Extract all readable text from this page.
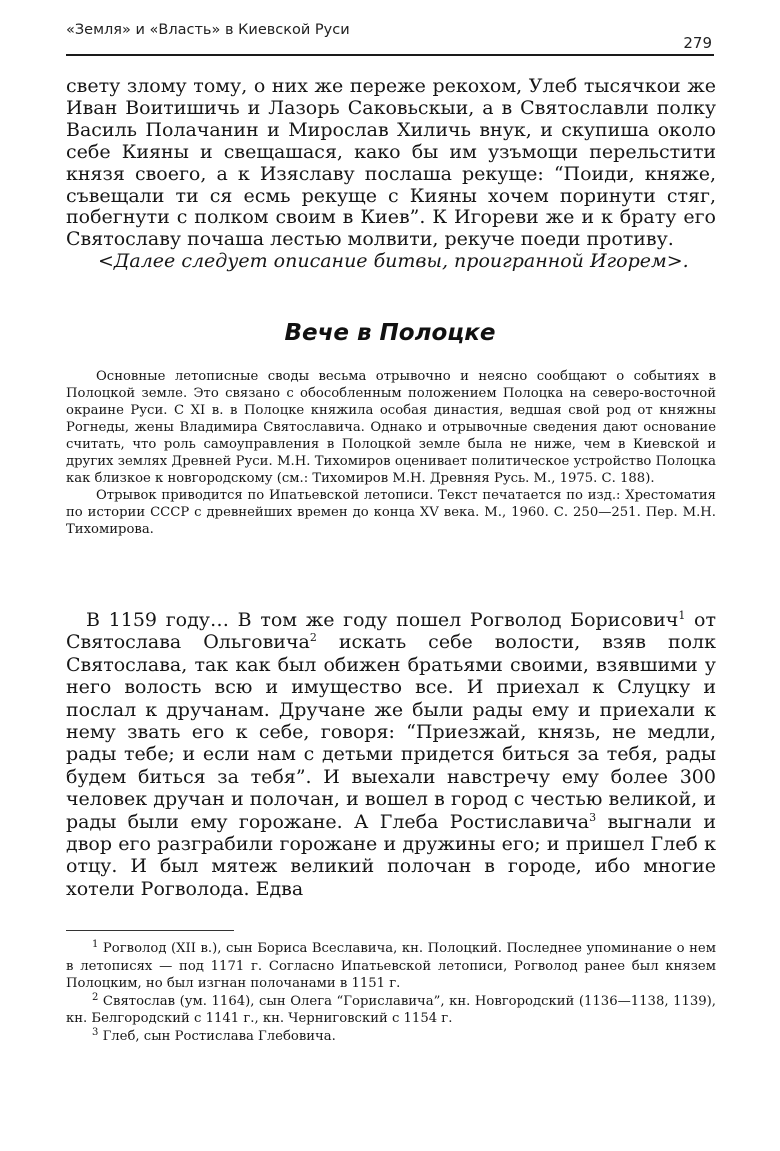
«Земля» и «Власть» в Киевской Руси
279

свету злому тому, о них же переже рекохом, Улеб тысячкои же Иван Воитишичь и Лазорь Саковьскыи, а в Святославли полку Василь Полачанин и Мирослав Хиличь внук, и скупиша около себе Кияны и свещашася, како бы им узъмощи перельстити князя своего, а к Изяславу послаша рекуще: “Поиди, княже, съвещали ти ся есмь рекуще с Кияны хочем поринути стяг, побегнути с полком своим в Киев”. К Игореви же и к брату его Святославу почаша лестью молвити, рекуче поеди противу.

<Далее следует описание битвы, проигранной Игорем>.

Вече в Полоцке

Основные летописные своды весьма отрывочно и неясно сообщают о событиях в Полоцкой земле. Это связано с обособленным положением Полоцка на северо-восточной окраине Руси. С XI в. в Полоцке княжила особая династия, ведшая свой род от княжны Рогнеды, жены Владимира Святославича. Однако и отрывочные сведения дают основание считать, что роль самоуправления в Полоцкой земле была не ниже, чем в Киевской и других землях Древней Руси. М.Н. Тихомиров оценивает политическое устройство Полоцка как близкое к новгородскому (см.: Тихомиров М.Н. Древняя Русь. М., 1975. С. 188).

Отрывок приводится по Ипатьевской летописи. Текст печатается по изд.: Хрестоматия по истории СССР с древнейших времен до конца XV века. М., 1960. С. 250—251. Пер. М.Н. Тихомирова.

В 1159 году… В том же году пошел Рогволод Борисович$^1$ от Святослава Ольговича$^2$ искать себе волости, взяв полк Святослава, так как был обижен братьями своими, взявшими у него волость всю и имущество все. И приехал к Слуцку и послал к дручанам. Дручане же были рады ему и приехали к нему звать его к себе, говоря: “Приезжай, князь, не медли, рады тебе; и если нам с детьми придется биться за тебя, рады будем биться за тебя”. И выехали навстречу ему более 300 человек дручан и полочан, и вошел в город с честью великой, и рады были ему горожане. А Глеба Ростиславича$^3$ выгнали и двор его разграбили горожане и дружины его; и пришел Глеб к отцу. И был мятеж великий полочан в городе, ибо многие хотели Рогволода. Едва

$^1$ Рогволод (XII в.), сын Бориса Всеславича, кн. Полоцкий. Последнее упоминание о нем в летописях — под 1171 г. Согласно Ипатьевской летописи, Рогволод ранее был князем Полоцким, но был изгнан полочанами в 1151 г.

$^2$ Святослав (ум. 1164), сын Олега “Гориславича”, кн. Новгородский (1136—1138, 1139), кн. Белгородский с 1141 г., кн. Черниговский с 1154 г.

$^3$ Глеб, сын Ростислава Глебовича.
